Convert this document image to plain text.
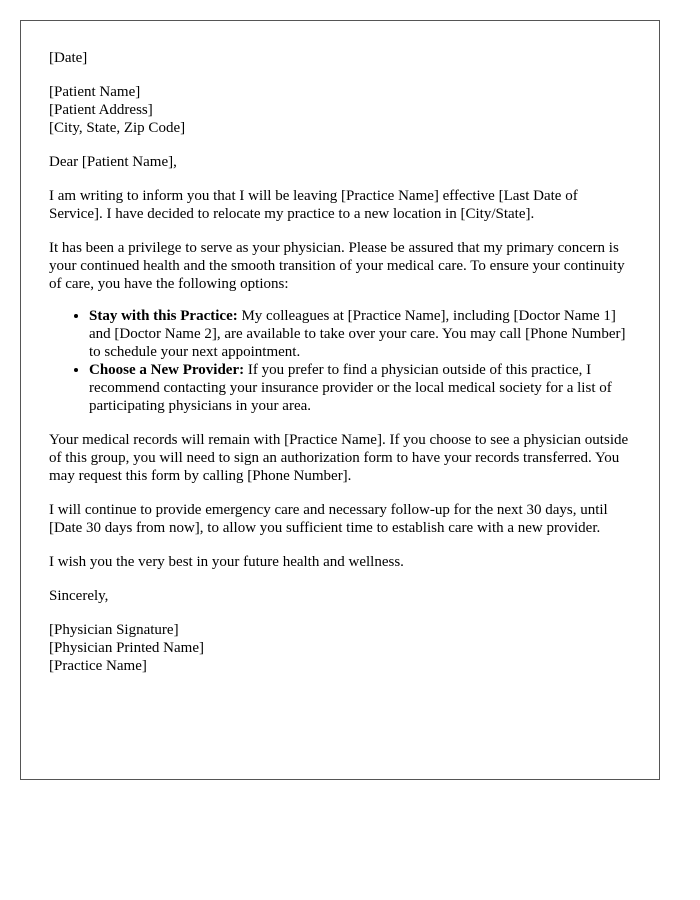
[Date]

[Patient Name]
[Patient Address]
[City, State, Zip Code]

Dear [Patient Name],

I am writing to inform you that I will be leaving [Practice Name] effective [Last Date of Service]. I have decided to relocate my practice to a new location in [City/State].

It has been a privilege to serve as your physician. Please be assured that my primary concern is your continued health and the smooth transition of your medical care. To ensure your continuity of care, you have the following options:

• Stay with this Practice: My colleagues at [Practice Name], including [Doctor Name 1] and [Doctor Name 2], are available to take over your care. You may call [Phone Number] to schedule your next appointment.
• Choose a New Provider: If you prefer to find a physician outside of this practice, I recommend contacting your insurance provider or the local medical society for a list of participating physicians in your area.

Your medical records will remain with [Practice Name]. If you choose to see a physician outside of this group, you will need to sign an authorization form to have your records transferred. You may request this form by calling [Phone Number].

I will continue to provide emergency care and necessary follow-up for the next 30 days, until [Date 30 days from now], to allow you sufficient time to establish care with a new provider.

I wish you the very best in your future health and wellness.

Sincerely,

[Physician Signature]
[Physician Printed Name]
[Practice Name]
